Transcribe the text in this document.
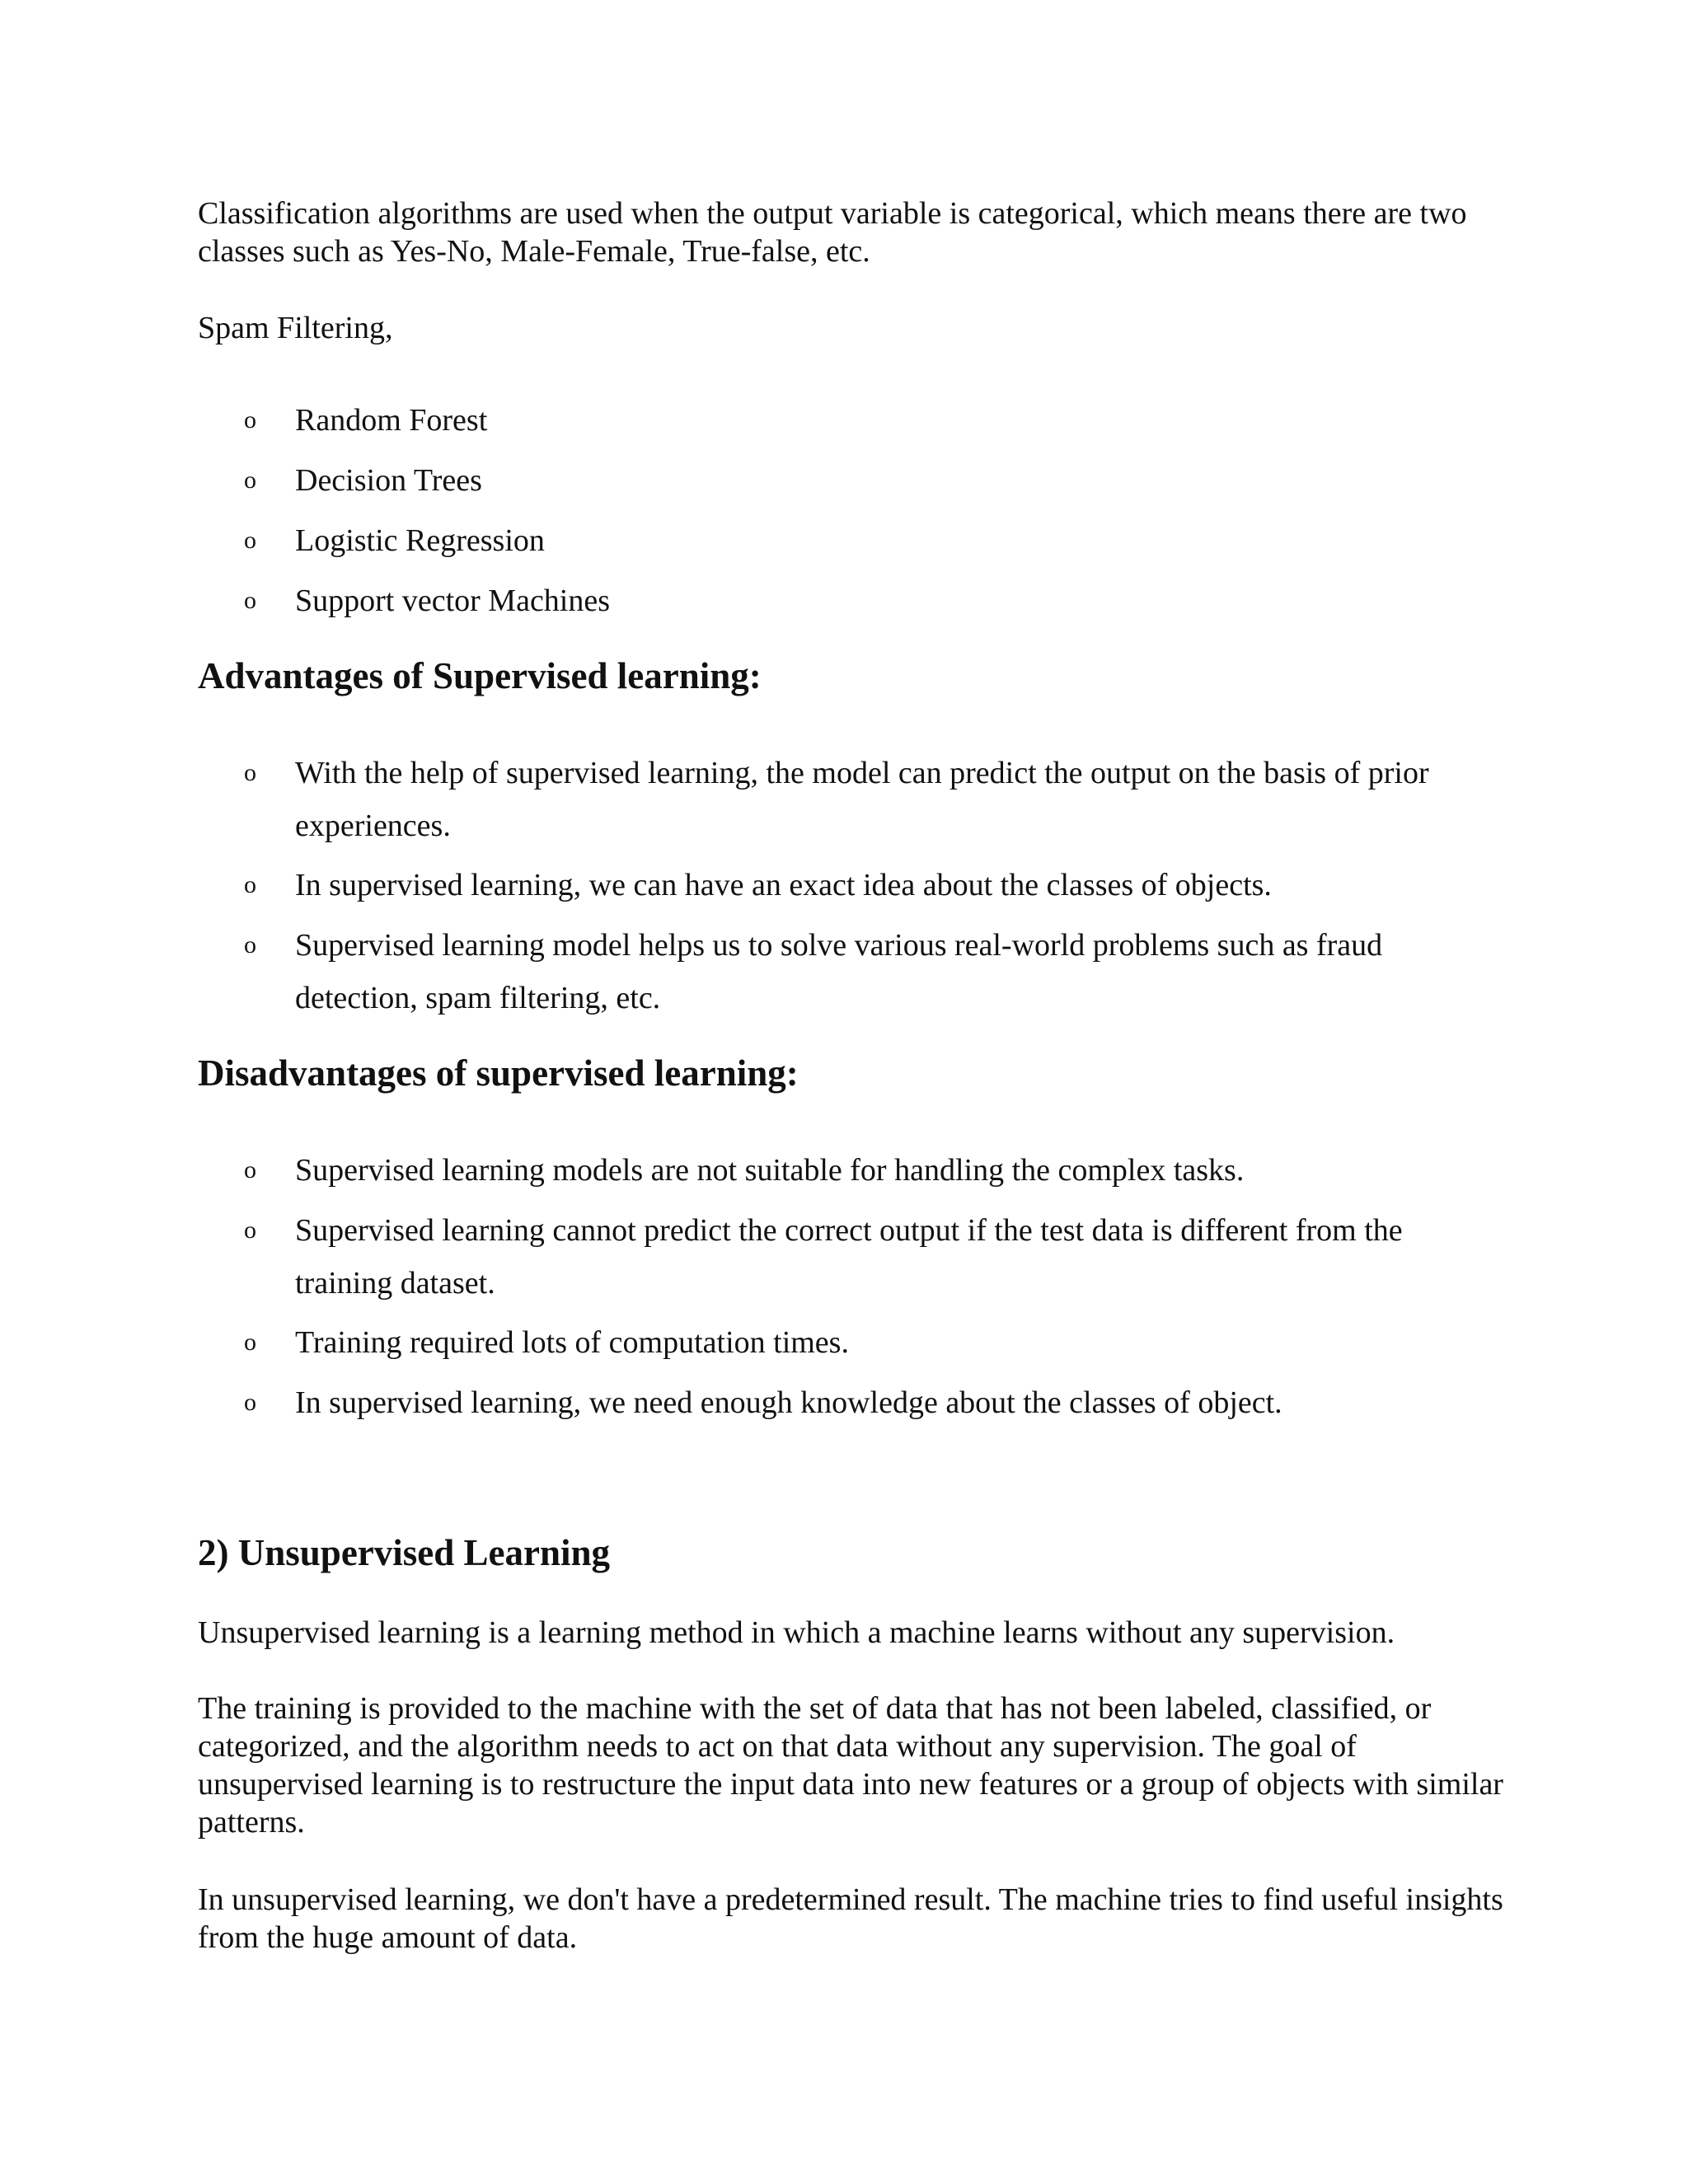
Classification algorithms are used when the output variable is categorical, which means there are two classes such as Yes-No, Male-Female, True-false, etc.

Spam Filtering,

o Random Forest
o Decision Trees
o Logistic Regression
o Support vector Machines
Advantages of Supervised learning:
o With the help of supervised learning, the model can predict the output on the basis of prior experiences.
o In supervised learning, we can have an exact idea about the classes of objects.
o Supervised learning model helps us to solve various real-world problems such as fraud detection, spam filtering, etc.
Disadvantages of supervised learning:
o Supervised learning models are not suitable for handling the complex tasks.
o Supervised learning cannot predict the correct output if the test data is different from the training dataset.
o Training required lots of computation times.
o In supervised learning, we need enough knowledge about the classes of object.
2) Unsupervised Learning

Unsupervised learning is a learning method in which a machine learns without any supervision.

The training is provided to the machine with the set of data that has not been labeled, classified, or categorized, and the algorithm needs to act on that data without any supervision. The goal of unsupervised learning is to restructure the input data into new features or a group of objects with similar patterns.

In unsupervised learning, we don't have a predetermined result. The machine tries to find useful insights from the huge amount of data.
